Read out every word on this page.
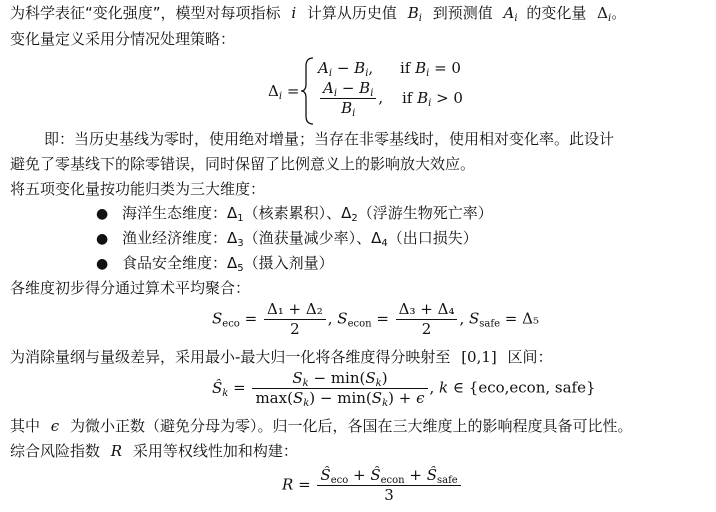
为科学表征“变化强度”，模型对每项指标 i 计算从历史值 $B_i$ 到预测值 $A_i$ 的变化量 $\Delta_i$。
变化量定义采用分情况处理策略：
$\Delta_i$ =
$A_i - B_i$, if $B_i = 0$
$\frac{A_i - B_i}{B_i}$ , if $B_i > 0$
即：当历史基线为零时，使用绝对增量；当存在非零基线时，使用相对变化率。此设计
避免了零基线下的除零错误，同时保留了比例意义上的影响放大效应。
将五项变化量按功能归类为三大维度：
● 海洋生态维度：$\Delta_1$（核素累积）、$\Delta_2$（浮游生物死亡率）
● 渔业经济维度：$\Delta_3$（渔获量减少率）、$\Delta_4$（出口损失）
● 食品安全维度：$\Delta_5$（摄入剂量）
各维度初步得分通过算术平均聚合：
$S_{eco} = \frac{\text{Δ₁ + Δ₂}}{2}$ , $S_{econ} = \frac{\text{Δ₃ + Δ₄}}{2}$ , $S_{safe} = \Delta_5$
为消除量纲与量级差异，采用最小-最大归一化将各维度得分映射至 [0,1] 区间：
$Ŝ_k = \frac{S_k - \min(S_k)}{\max(S_k) - \min(S_k) + \epsilon}$ , k ∈ {eco,econ, safe}
其中 ϵ 为微小正数（避免分母为零）。归一化后，各国在三大维度上的影响程度具备可比性。
综合风险指数 R 采用等权线性加和构建：
$R = \frac{Ŝ_{eco} + Ŝ_{econ} + Ŝ_{safe}}{3}$
